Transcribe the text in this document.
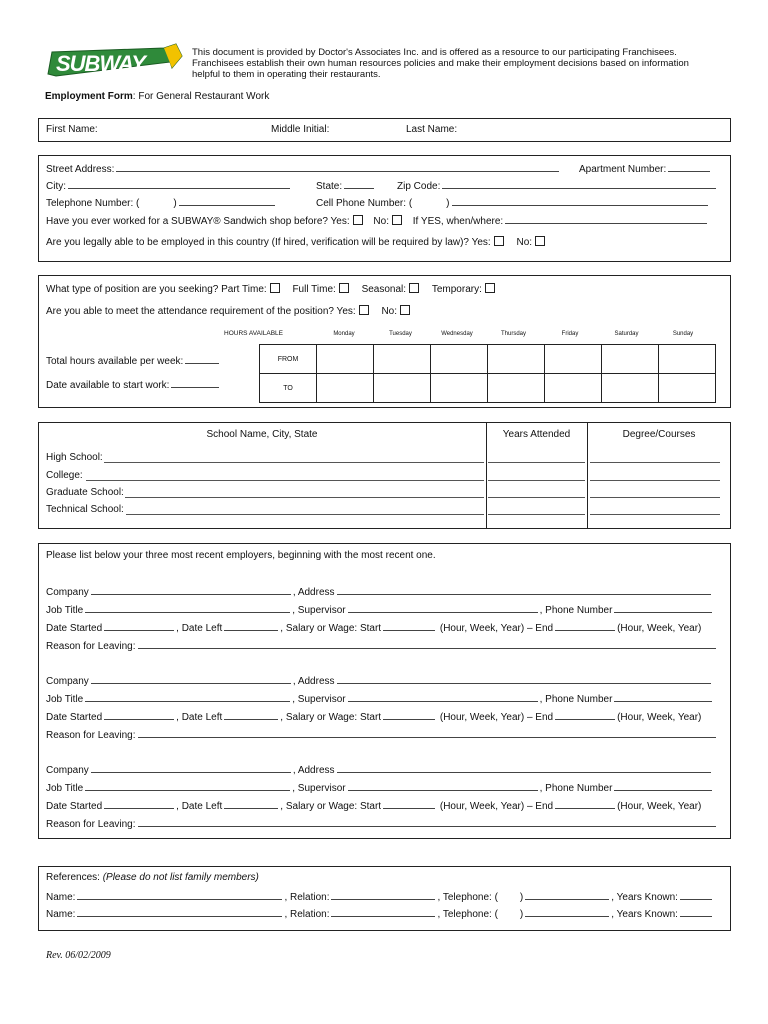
SUBWAY	This document is provided by Doctor's Associates Inc. and is offered as a resource to our participating Franchisees.
Franchisees establish their own human resources policies and make their employment decisions based on information
helpful to them in operating their restaurants.
Employment Form: For General Restaurant Work
First Name:	Middle Initial:	Last Name:
Street Address:	Apartment Number:
City:	State:	Zip Code:
Telephone Number: (	)	Cell Phone Number: (	)
Have you ever worked for a SUBWAY® Sandwich shop before? Yes: No: If YES, when/where:
Are you legally able to be employed in this country (If hired, verification will be required by law)? Yes:	No:
What type of position are you seeking? Part Time:	Full Time:	Seasonal:	Temporary:
Are you able to meet the attendance requirement of the position? Yes:	No:
HOURS AVAILABLE	Monday	Tuesday	Wednesday	Thursday	Friday	Saturday	Sunday
FROM							
TO							
Total hours available per week:
Date available to start work:
School Name, City, State	Years Attended	Degree/Courses
High School:
College:
Graduate School:
Technical School:
Please list below your three most recent employers, beginning with the most recent one.
Company	, Address
Job Title	, Supervisor	, Phone Number
Date Started	, Date Left	, Salary or Wage: Start	(Hour, Week, Year) – End	(Hour, Week, Year)
Reason for Leaving:
Company	, Address
Job Title	, Supervisor	, Phone Number
Date Started	, Date Left	, Salary or Wage: Start	(Hour, Week, Year) – End	(Hour, Week, Year)
Reason for Leaving:
Company	, Address
Job Title	, Supervisor	, Phone Number
Date Started	, Date Left	, Salary or Wage: Start	(Hour, Week, Year) – End	(Hour, Week, Year)
Reason for Leaving:
References: (Please do not list family members)
Name:	, Relation:	, Telephone: ( )	, Years Known:
Name:	, Relation:	, Telephone: ( )	, Years Known:
Rev. 06/02/2009
